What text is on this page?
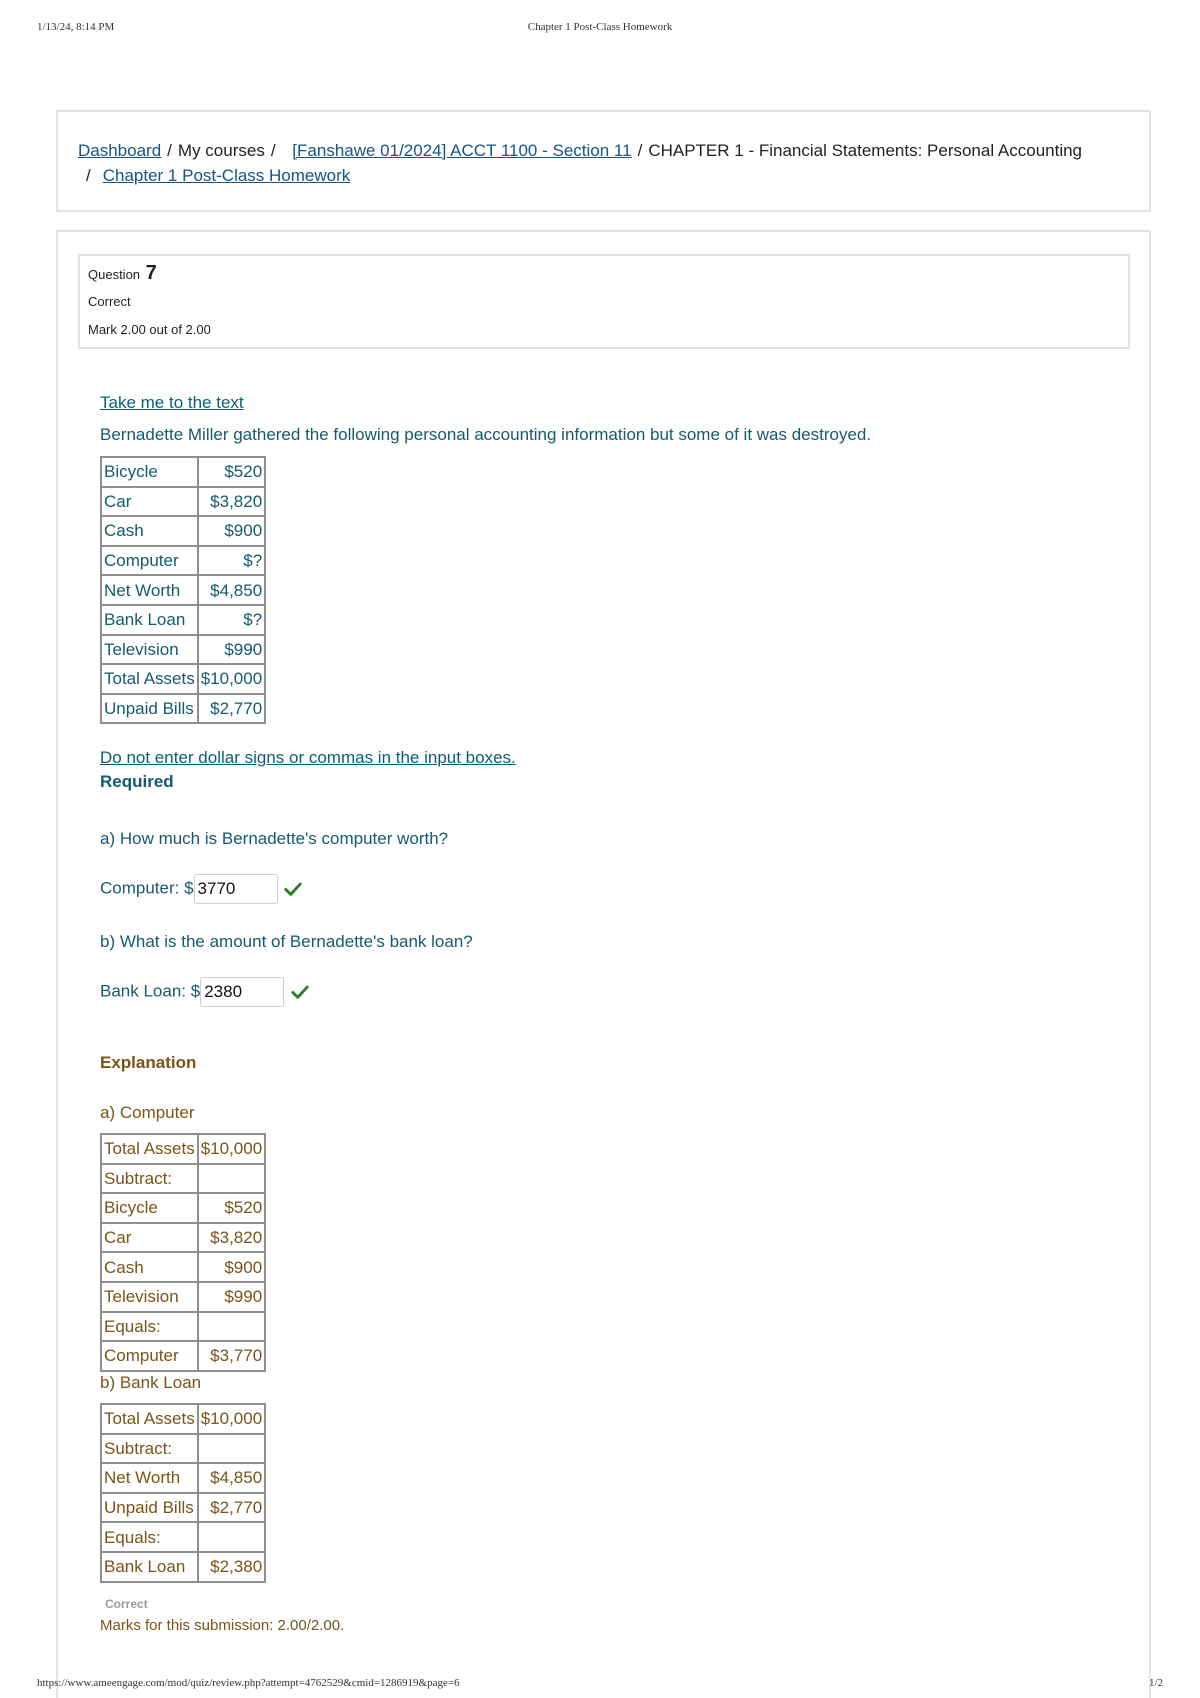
1/13/24, 8:14 PM	Chapter 1 Post-Class Homework
Dashboard / My courses / [Fanshawe 01/2024] ACCT 1100 - Section 11 / CHAPTER 1 - Financial Statements: Personal Accounting
/ Chapter 1 Post-Class Homework
Question 7
Correct
Mark 2.00 out of 2.00
Take me to the text
Bernadette Miller gathered the following personal accounting information but some of it was destroyed.
Bicycle	$520
Car	$3,820
Cash	$900
Computer	$?
Net Worth	$4,850
Bank Loan	$?
Television	$990
Total Assets	$10,000
Unpaid Bills	$2,770
Do not enter dollar signs or commas in the input boxes.
Required
a) How much is Bernadette's computer worth?
Computer: $ 3770
b) What is the amount of Bernadette's bank loan?
Bank Loan: $ 2380
Explanation
a) Computer
Total Assets	$10,000
Subtract:	
Bicycle	$520
Car	$3,820
Cash	$900
Television	$990
Equals:	
Computer	$3,770
b) Bank Loan
Total Assets	$10,000
Subtract:	
Net Worth	$4,850
Unpaid Bills	$2,770
Equals:	
Bank Loan	$2,380
Correct
Marks for this submission: 2.00/2.00.
https://www.ameengage.com/mod/quiz/review.php?attempt=4762529&cmid=1286919&page=6	1/2
